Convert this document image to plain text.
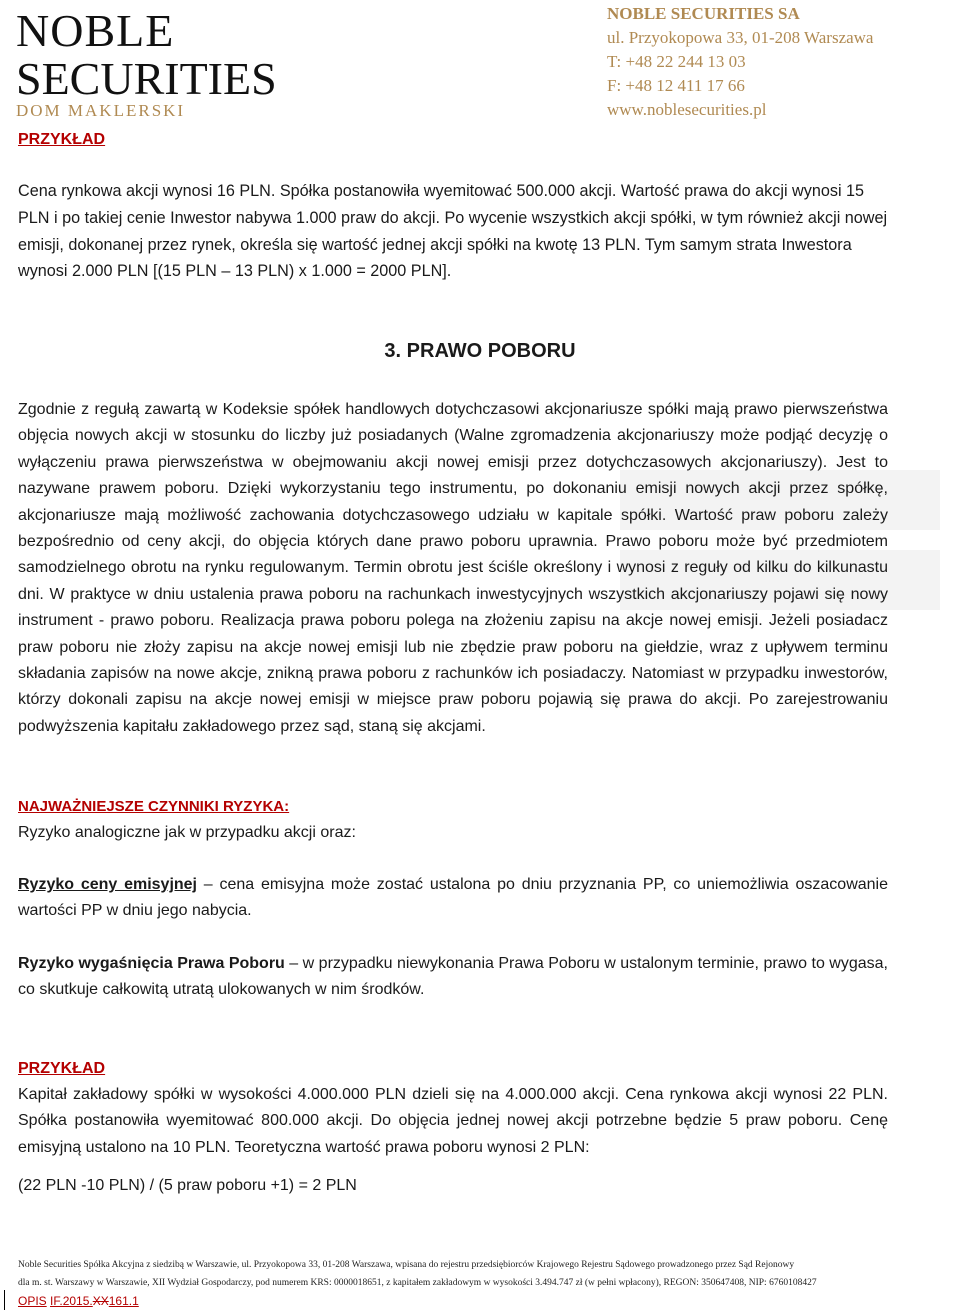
NOBLE
SECURITIES
DOM MAKLERSKI
NOBLE SECURITIES SA
ul. Przyokopowa 33, 01-208 Warszawa
T: +48 22 244 13 03
F: +48 12 411 17 66
www.noblesecurities.pl

PRZYKŁAD

Cena rynkowa akcji wynosi 16 PLN. Spółka postanowiła wyemitować 500.000 akcji. Wartość prawa do akcji wynosi 15 PLN i po takiej cenie Inwestor nabywa 1.000 praw do akcji. Po wycenie wszystkich akcji spółki, w tym również akcji nowej emisji, dokonanej przez rynek, określa się wartość jednej akcji spółki na kwotę 13 PLN. Tym samym strata Inwestora wynosi 2.000 PLN [(15 PLN – 13 PLN) x 1.000 = 2000 PLN].

3. PRAWO POBORU

Zgodnie z regułą zawartą w Kodeksie spółek handlowych dotychczasowi akcjonariusze spółki mają prawo pierwszeństwa objęcia nowych akcji w stosunku do liczby już posiadanych (Walne zgromadzenia akcjonariuszy może podjąć decyzję o wyłączeniu prawa pierwszeństwa w obejmowaniu akcji nowej emisji przez dotychczasowych akcjonariuszy). Jest to nazywane prawem poboru. Dzięki wykorzystaniu tego instrumentu, po dokonaniu emisji nowych akcji przez spółkę, akcjonariusze mają możliwość zachowania dotychczasowego udziału w kapitale spółki. Wartość praw poboru zależy bezpośrednio od ceny akcji, do objęcia których dane prawo poboru uprawnia. Prawo poboru może być przedmiotem samodzielnego obrotu na rynku regulowanym. Termin obrotu jest ściśle określony i wynosi z reguły od kilku do kilkunastu dni. W praktyce w dniu ustalenia prawa poboru na rachunkach inwestycyjnych wszystkich akcjonariuszy pojawi się nowy instrument - prawo poboru. Realizacja prawa poboru polega na złożeniu zapisu na akcje nowej emisji. Jeżeli posiadacz praw poboru nie złoży zapisu na akcje nowej emisji lub nie zbędzie praw poboru na giełdzie, wraz z upływem terminu składania zapisów na nowe akcje, znikną prawa poboru z rachunków ich posiadaczy. Natomiast w przypadku inwestorów, którzy dokonali zapisu na akcje nowej emisji w miejsce praw poboru pojawią się prawa do akcji. Po zarejestrowaniu podwyższenia kapitału zakładowego przez sąd, staną się akcjami.

NAJWAŻNIEJSZE CZYNNIKI RYZYKA:

Ryzyko analogiczne jak w przypadku akcji oraz:

Ryzyko ceny emisyjnej – cena emisyjna może zostać ustalona po dniu przyznania PP, co uniemożliwia oszacowanie wartości PP w dniu jego nabycia.

Ryzyko wygaśnięcia Prawa Poboru – w przypadku niewykonania Prawa Poboru w ustalonym terminie, prawo to wygasa, co skutkuje całkowitą utratą ulokowanych w nim środków.

PRZYKŁAD

Kapitał zakładowy spółki w wysokości 4.000.000 PLN dzieli się na 4.000.000 akcji. Cena rynkowa akcji wynosi 22 PLN. Spółka postanowiła wyemitować 800.000 akcji. Do objęcia jednej nowej akcji potrzebne będzie 5 praw poboru. Cenę emisyjną ustalono na 10 PLN. Teoretyczna wartość prawa poboru wynosi 2 PLN:

(22 PLN -10 PLN) / (5 praw poboru +1) = 2 PLN

Noble Securities Spółka Akcyjna z siedzibą w Warszawie, ul. Przyokopowa 33, 01-208 Warszawa, wpisana do rejestru przedsiębiorców Krajowego Rejestru Sądowego prowadzonego przez Sąd Rejonowy
dla m. st. Warszawy w Warszawie, XII Wydział Gospodarczy, pod numerem KRS: 0000018651, z kapitałem zakładowym w wysokości 3.494.747 zł (w pełni wpłacony), REGON: 350647408, NIP: 6760108427
OPIS IF.2015.XX161.1
